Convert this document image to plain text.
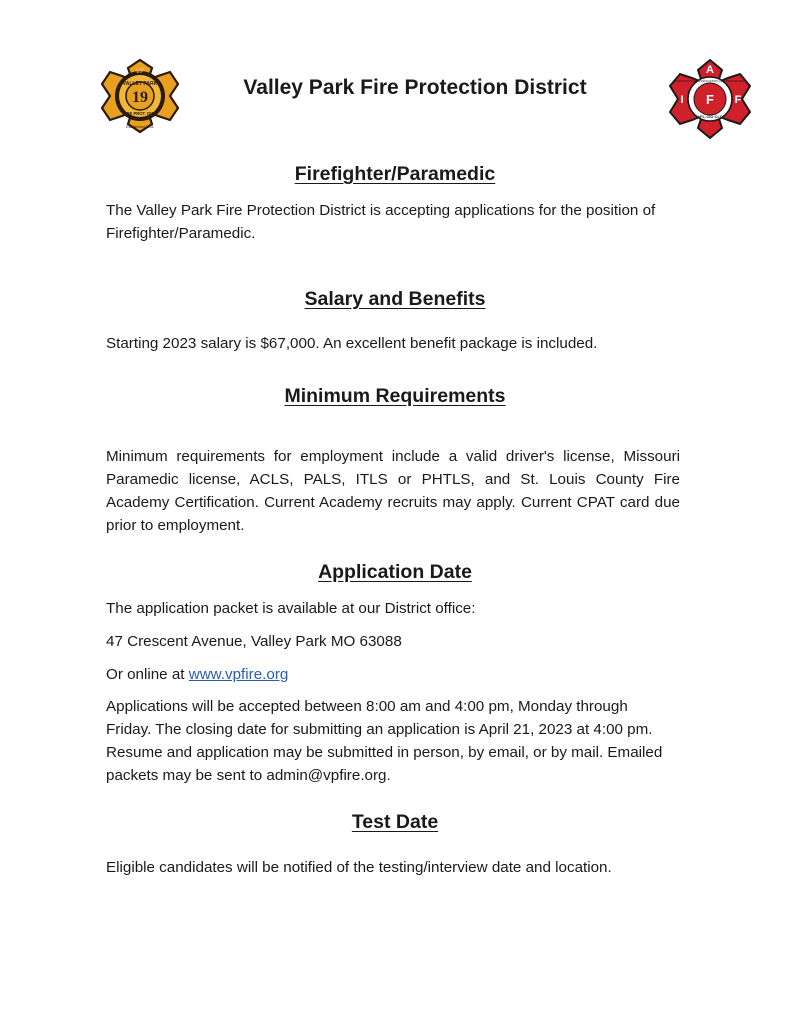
VP
19
VALLEY PARK
FIRE PROT. DIST.
Established 1931
Valley Park Fire Protection District
A
I	F
F
INTERNATIONAL ASSOCIATION OF FIREFIGHTERS
AFL-CIO CLC
Firefighter/Paramedic
The Valley Park Fire Protection District is accepting applications for the position of Firefighter/Paramedic.
Salary and Benefits
Starting 2023 salary is $67,000. An excellent benefit package is included.
Minimum Requirements
Minimum requirements for employment include a valid driver's license, Missouri Paramedic license, ACLS, PALS, ITLS or PHTLS, and St. Louis County Fire Academy Certification. Current Academy recruits may apply. Current CPAT card due prior to employment.
Application Date
The application packet is available at our District office:
47 Crescent Avenue, Valley Park MO 63088
Or online at www.vpfire.org
Applications will be accepted between 8:00 am and 4:00 pm, Monday through Friday. The closing date for submitting an application is April 21, 2023 at 4:00 pm. Resume and application may be submitted in person, by email, or by mail. Emailed packets may be sent to admin@vpfire.org.
Test Date
Eligible candidates will be notified of the testing/interview date and location.
